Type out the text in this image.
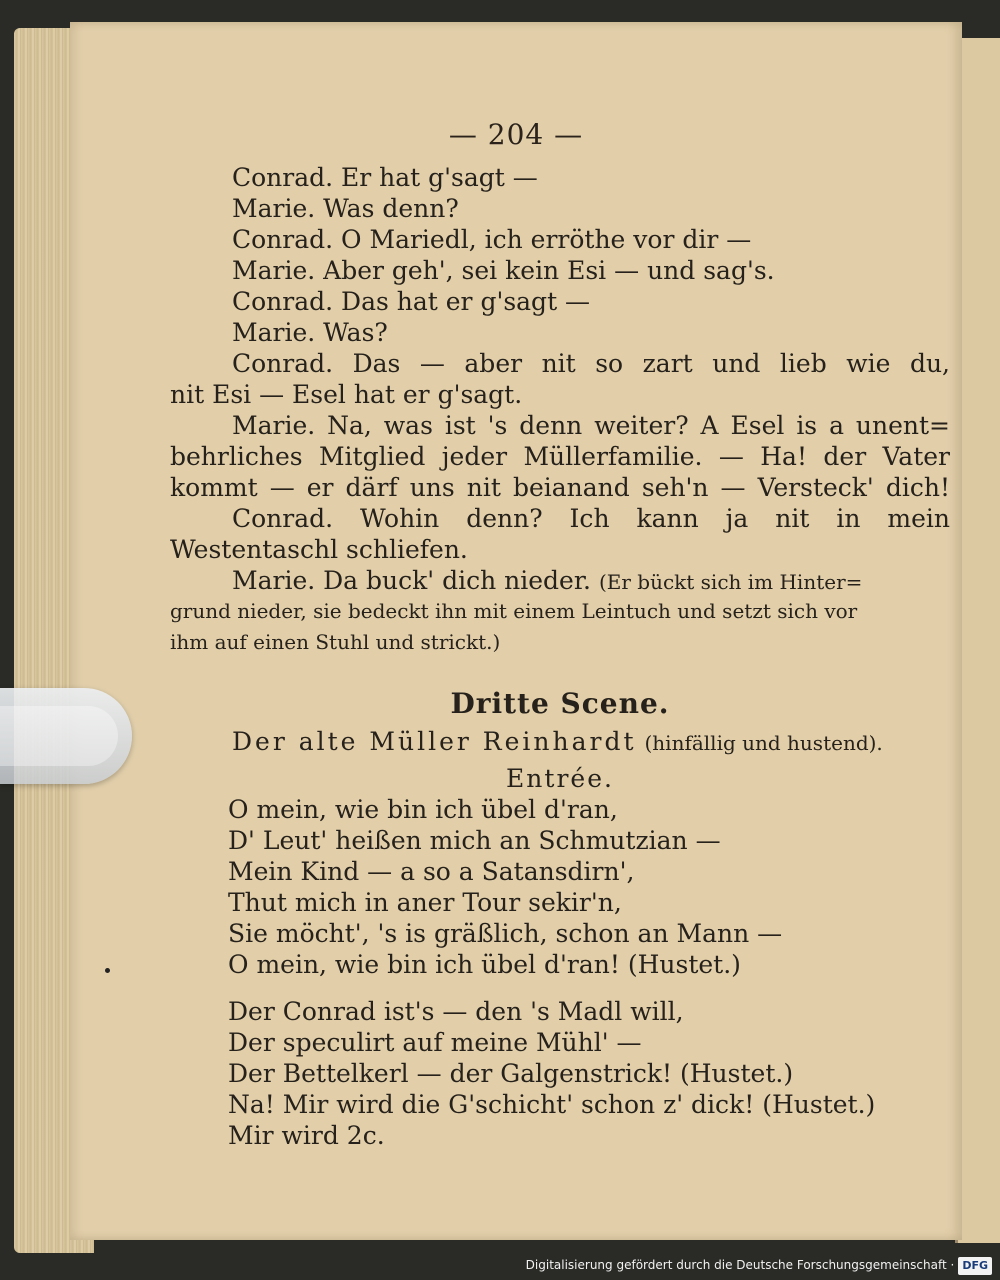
— 204 —
Conrad. Er hat g'sagt —
Marie. Was denn?
Conrad. O Mariedl, ich erröthe vor dir —
Marie. Aber geh', sei kein Esi — und sag's.
Conrad. Das hat er g'sagt —
Marie. Was?
Conrad. Das — aber nit so zart und lieb wie du,
nit Esi — Esel hat er g'sagt.
Marie. Na, was ist 's denn weiter? A Esel is a unent=
behrliches Mitglied jeder Müllerfamilie. — Ha! der Vater
kommt — er därf uns nit beianand seh'n — Versteck' dich!
Conrad. Wohin denn? Ich kann ja nit in mein
Westentaschl schliefen.
Marie. Da buck' dich nieder. (Er bückt sich im Hinter=
grund nieder, sie bedeckt ihn mit einem Leintuch und setzt sich vor
ihm auf einen Stuhl und strickt.)
Dritte Scene.
Der alte Müller Reinhardt (hinfällig und hustend).
Entrée.
O mein, wie bin ich übel d'ran,
D' Leut' heißen mich an Schmutzian —
Mein Kind — a so a Satansdirn',
Thut mich in aner Tour sekir'n,
Sie möcht', 's is gräßlich, schon an Mann —
O mein, wie bin ich übel d'ran! (Hustet.)
Der Conrad ist's — den 's Madl will,
Der speculirt auf meine Mühl' —
Der Bettelkerl — der Galgenstrick! (Hustet.)
Na! Mir wird die G'schicht' schon z' dick! (Hustet.)
Mir wird 2c.
Digitalisierung gefördert durch die Deutsche Forschungsgemeinschaft · DFG
